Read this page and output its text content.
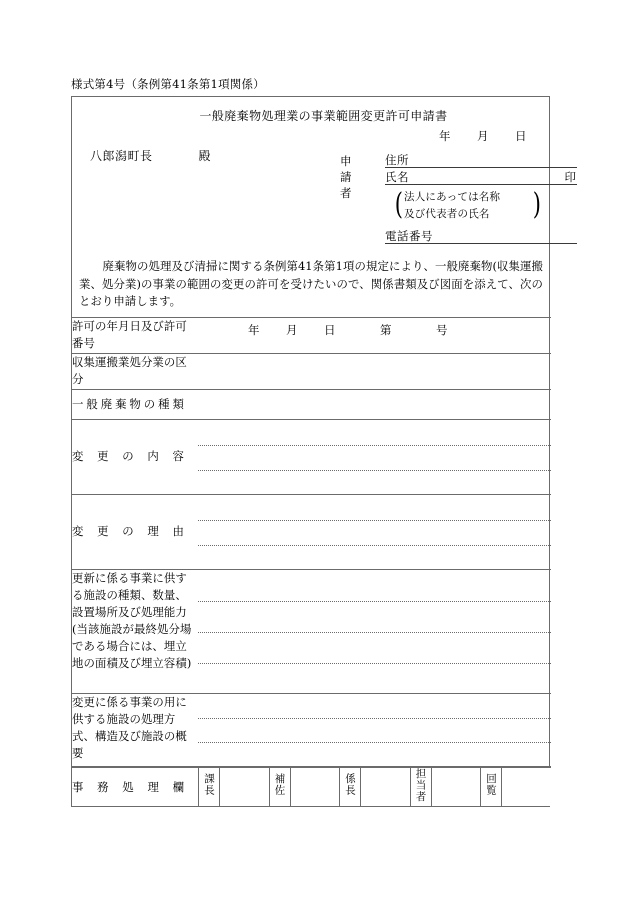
様式第4号（条例第41条第1項関係）
一般廃棄物処理業の事業範囲変更許可申請書
年 月 日
八郎潟町長	殿	申請者
住所
氏名	印
(	)
法人にあっては名称
及び代表者の氏名
電話番号

　廃棄物の処理及び清掃に関する条例第41条第1項の規定により、一般廃棄物(収集運搬業、処分業)の事業の範囲の変更の許可を受けたいので、関係書類及び図面を添えて、次のとおり申請します。

許可の年月日及び許可番号	年 月 日 第 号

収集運搬業処分業の区分	

一般廃棄物の種類	

変更の内容	

変更の理由	

更新に係る事業に供する施設の種類、数量、設置場所及び処理能力 (当該施設が最終処分場である場合には、埋立地の面積及び埋立容積)	

変更に係る事業の用に供する施設の処理方式、構造及び施設の概要	
事務処理欄	課長		補佐		係長		担当者		回覧	
